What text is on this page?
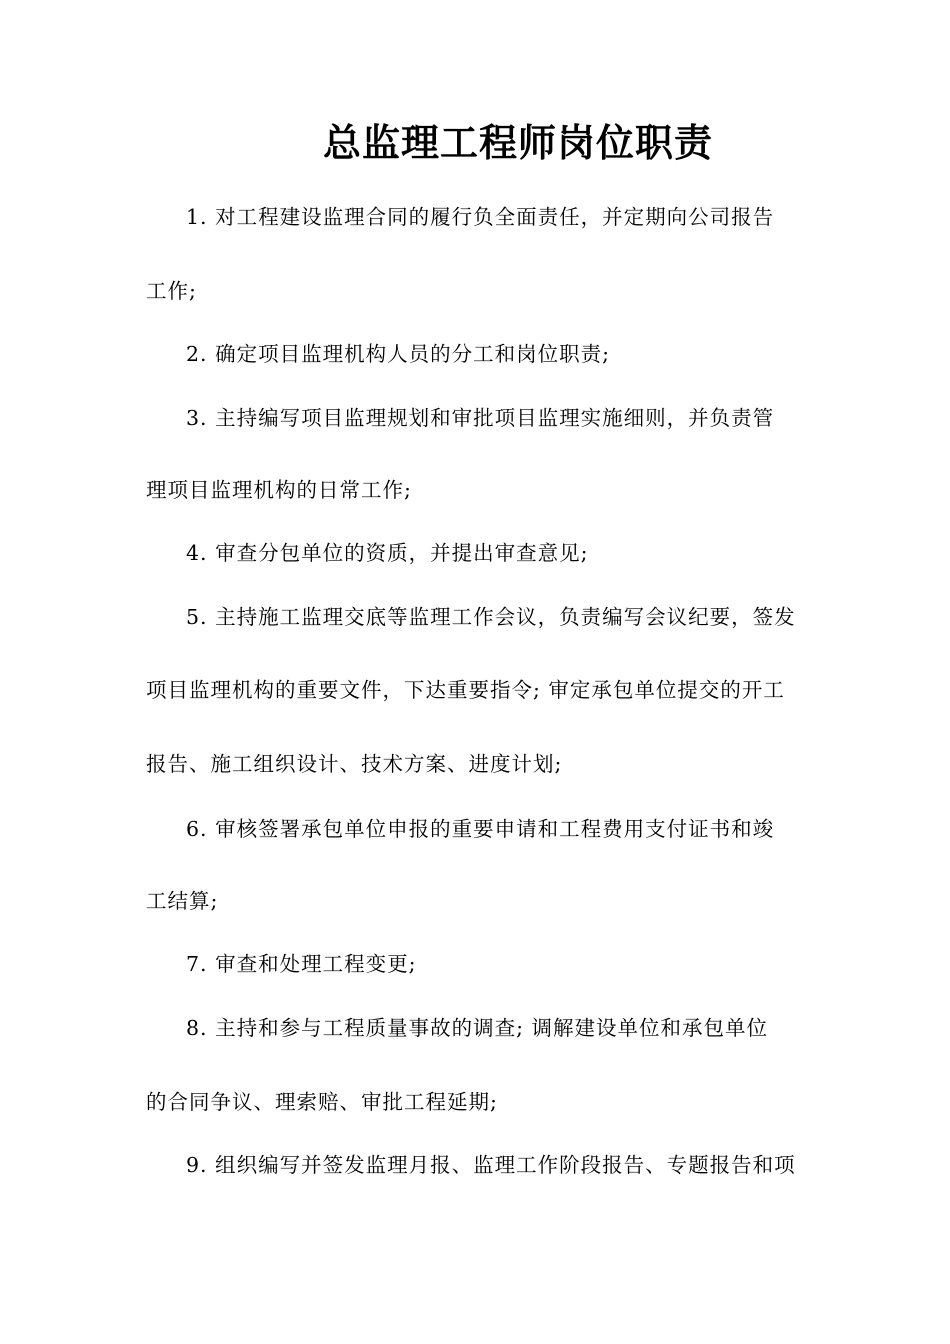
总监理工程师岗位职责
1. 对工程建设监理合同的履行负全面责任，并定期向公司报告
工作;
2. 确定项目监理机构人员的分工和岗位职责;
3. 主持编写项目监理规划和审批项目监理实施细则，并负责管
理项目监理机构的日常工作;
4. 审查分包单位的资质，并提出审查意见;
5. 主持施工监理交底等监理工作会议，负责编写会议纪要，签发
项目监理机构的重要文件，下达重要指令; 审定承包单位提交的开工
报告、施工组织设计、技术方案、进度计划;
6. 审核签署承包单位申报的重要申请和工程费用支付证书和竣
工结算;
7. 审查和处理工程变更;
8. 主持和参与工程质量事故的调查; 调解建设单位和承包单位
的合同争议、理索赔、审批工程延期;
9. 组织编写并签发监理月报、监理工作阶段报告、专题报告和项
